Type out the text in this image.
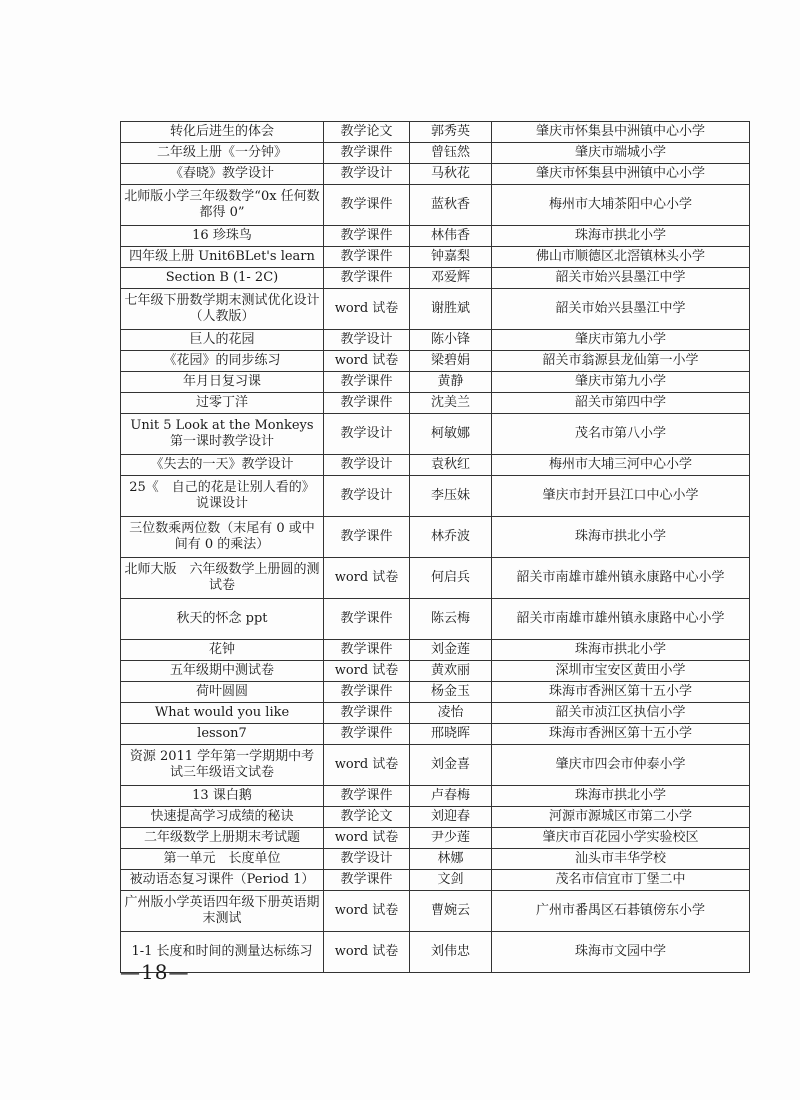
转化后进生的体会	教学论文	郭秀英	肇庆市怀集县中洲镇中心小学
二年级上册《一分钟》	教学课件	曾钰然	肇庆市端城小学
《春晓》教学设计	教学设计	马秋花	肇庆市怀集县中洲镇中心小学
北师版小学三年级数学“0x 任何数都得 0”	教学课件	蓝秋香	梅州市大埔茶阳中心小学
16 珍珠鸟	教学课件	林伟香	珠海市拱北小学
四年级上册 Unit6BLet's learn	教学课件	钟嘉梨	佛山市顺德区北滘镇林头小学
Section B (1- 2C)	教学课件	邓爱辉	韶关市始兴县墨江中学
七年级下册数学期末测试优化设计（人教版）	word 试卷	谢胜斌	韶关市始兴县墨江中学
巨人的花园	教学设计	陈小锋	肇庆市第九小学
《花园》的同步练习	word 试卷	梁碧娟	韶关市翁源县龙仙第一小学
年月日复习课	教学课件	黄静	肇庆市第九小学
过零丁洋	教学课件	沈美兰	韶关市第四中学
Unit 5 Look at the Monkeys 第一课时教学设计	教学设计	柯敏娜	茂名市第八小学
《失去的一天》教学设计	教学设计	袁秋红	梅州市大埔三河中心小学
25《　自己的花是让别人看的》说课设计	教学设计	李压妹	肇庆市封开县江口中心小学
三位数乘两位数（末尾有 0 或中间有 0 的乘法）	教学课件	林乔波	珠海市拱北小学
北师大版　六年级数学上册圆的测试卷	word 试卷	何启兵	韶关市南雄市雄州镇永康路中心小学
秋天的怀念 ppt	教学课件	陈云梅	韶关市南雄市雄州镇永康路中心小学
花钟	教学课件	刘金莲	珠海市拱北小学
五年级期中测试卷	word 试卷	黄欢丽	深圳市宝安区黄田小学
荷叶圆圆	教学课件	杨金玉	珠海市香洲区第十五小学
What would you like	教学课件	凌怡	韶关市浈江区执信小学
lesson7	教学课件	邢晓晖	珠海市香洲区第十五小学
资源 2011 学年第一学期期中考试三年级语文试卷	word 试卷	刘金喜	肇庆市四会市仲泰小学
13 课白鹅	教学课件	卢春梅	珠海市拱北小学
快速提高学习成绩的秘诀	教学论文	刘迎春	河源市源城区市第二小学
二年级数学上册期末考试题	word 试卷	尹少莲	肇庆市百花园小学实验校区
第一单元　长度单位	教学设计	林娜	汕头市丰华学校
被动语态复习课件（Period 1）	教学课件	文剑	茂名市信宜市丁堡二中
广州版小学英语四年级下册英语期末测试	word 试卷	曹婉云	广州市番禺区石碁镇傍东小学
1-1 长度和时间的测量达标练习	word 试卷	刘伟忠	珠海市文园中学
—18—
